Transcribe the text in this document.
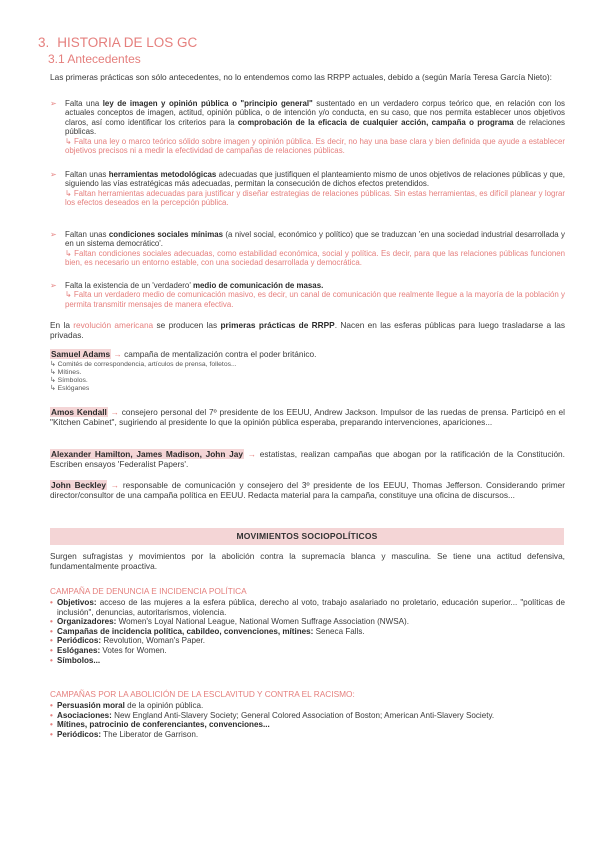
3. HISTORIA DE LOS GC
3.1 Antecedentes
Las primeras prácticas son sólo antecedentes, no lo entendemos como las RRPP actuales, debido a (según María Teresa García Nieto):
➢ Falta una ley de imagen y opinión pública o "principio general" sustentado en un verdadero corpus teórico que, en relación con los actuales conceptos de imagen, actitud, opinión pública, o de intención y/o conducta, en su caso, que nos permita establecer unos objetivos claros, así como identificar los criterios para la comprobación de la eficacia de cualquier acción, campaña o programa de relaciones públicas.
↳ Falta una ley o marco teórico sólido sobre imagen y opinión pública. Es decir, no hay una base clara y bien definida que ayude a establecer objetivos precisos ni a medir la efectividad de campañas de relaciones públicas.
➢ Faltan unas herramientas metodológicas adecuadas que justifiquen el planteamiento mismo de unos objetivos de relaciones públicas y que, siguiendo las vías estratégicas más adecuadas, permitan la consecución de dichos efectos pretendidos.
↳ Faltan herramientas adecuadas para justificar y diseñar estrategias de relaciones públicas. Sin estas herramientas, es difícil planear y lograr los efectos deseados en la percepción pública.
➢ Faltan unas condiciones sociales mínimas (a nivel social, económico y político) que se traduzcan 'en una sociedad industrial desarrollada y en un sistema democrático'.
↳ Faltan condiciones sociales adecuadas, como estabilidad económica, social y política. Es decir, para que las relaciones públicas funcionen bien, es necesario un entorno estable, con una sociedad desarrollada y democrática.
➢ Falta la existencia de un 'verdadero' medio de comunicación de masas.
↳ Falta un verdadero medio de comunicación masivo, es decir, un canal de comunicación que realmente llegue a la mayoría de la población y permita transmitir mensajes de manera efectiva.
En la revolución americana se producen las primeras prácticas de RRPP. Nacen en las esferas públicas para luego trasladarse a las privadas.
Samuel Adams → campaña de mentalización contra el poder británico.
↳ Comités de correspondencia, artículos de prensa, folletos...
↳ Mítines.
↳ Símbolos.
↳ Eslóganes
Amos Kendall → consejero personal del 7º presidente de los EEUU, Andrew Jackson. Impulsor de las ruedas de prensa. Participó en el "Kitchen Cabinet", sugiriendo al presidente lo que la opinión pública esperaba, preparando intervenciones, apariciones...
Alexander Hamilton, James Madison, John Jay → estatistas, realizan campañas que abogan por la ratificación de la Constitución. Escriben ensayos 'Federalist Papers'.
John Beckley → responsable de comunicación y consejero del 3º presidente de los EEUU, Thomas Jefferson. Considerando primer director/consultor de una campaña política en EEUU. Redacta material para la campaña, constituye una oficina de discursos...
MOVIMIENTOS SOCIOPOLÍTICOS
Surgen sufragistas y movimientos por la abolición contra la supremacía blanca y masculina. Se tiene una actitud defensiva, fundamentalmente proactiva.
CAMPAÑA DE DENUNCIA E INCIDENCIA POLÍTICA
• Objetivos: acceso de las mujeres a la esfera pública, derecho al voto, trabajo asalariado no proletario, educación superior... "políticas de inclusión", denuncias, autoritarismos, violencia.
• Organizadores: Women's Loyal National League, National Women Suffrage Association (NWSA).
• Campañas de incidencia política, cabildeo, convenciones, mítines: Seneca Falls.
• Periódicos: Revolution, Woman's Paper.
• Eslóganes: Votes for Women.
• Símbolos...
CAMPAÑAS POR LA ABOLICIÓN DE LA ESCLAVITUD Y CONTRA EL RACISMO:
• Persuasión moral de la opinión pública.
• Asociaciones: New England Anti-Slavery Society; General Colored Association of Boston; American Anti-Slavery Society.
• Mítines, patrocinio de conferenciantes, convenciones...
• Periódicos: The Liberator de Garrison.
